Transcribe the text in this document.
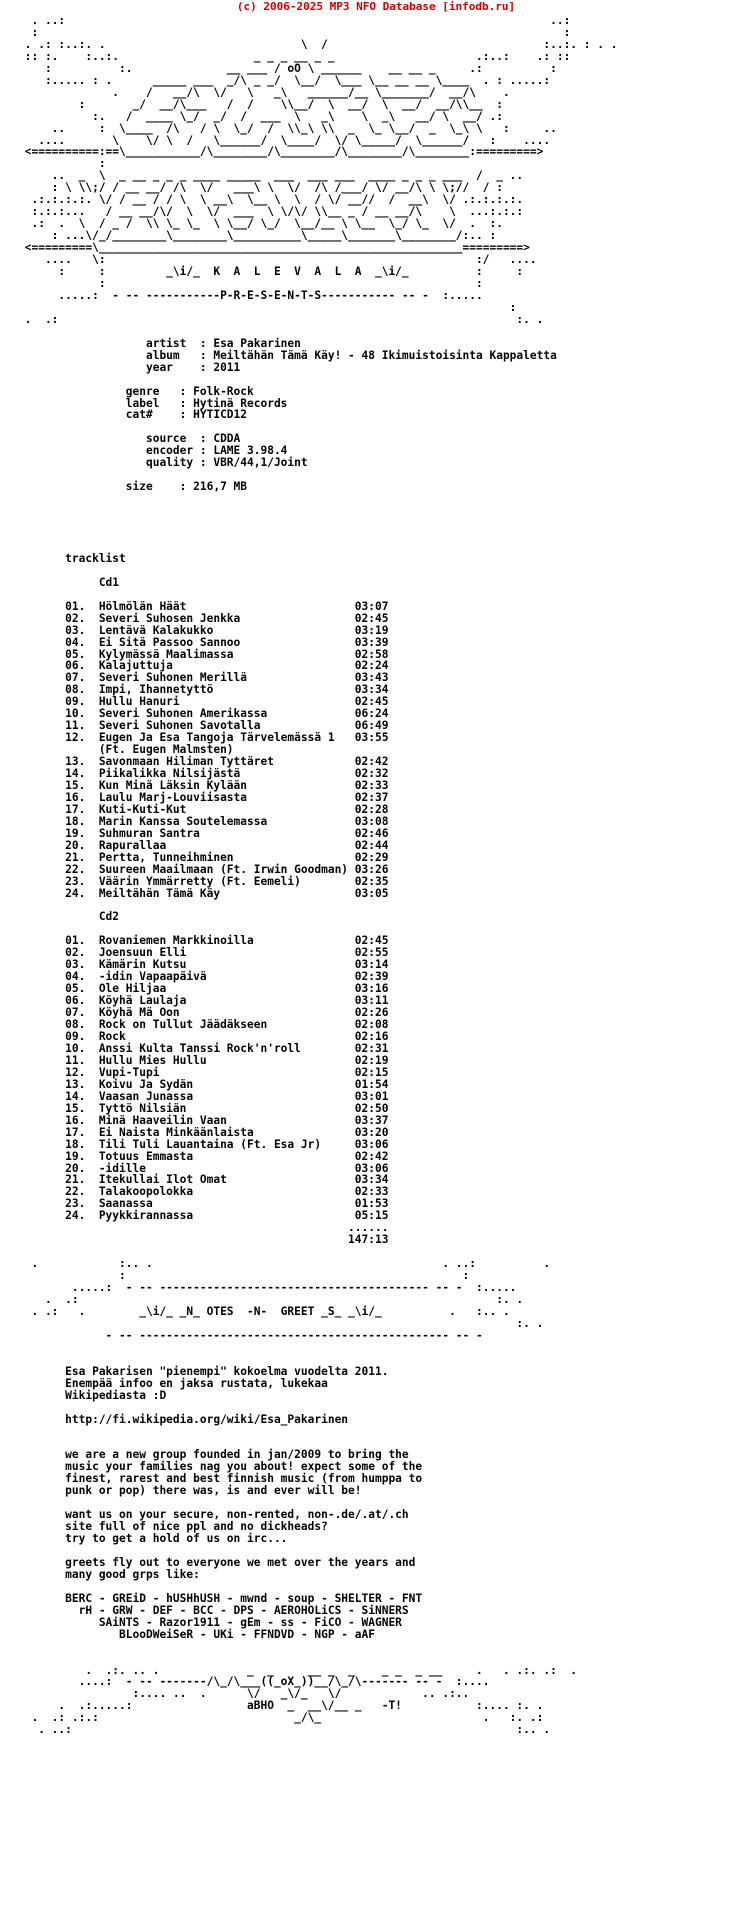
(c) 2006-2025 MP3 NFO Database [infodb.ru]
. ..:                                                                        ..:
:                                                                              :
. .: :..:. .                             \  /                                :..:. : . .
:: :.    :..:.                    _ _ _ __ _ _                     .:..:    .: ::
:          :.              __ ___ / oO \ ______    __ __ _     .:          :
:..... : .      _____ ___  _/\ _ _/  \__/  \___ \__ __ __ \____  . : .....:
.    /   __/\  \/   \   _\   ______/__ \_______/  __/\    .
:       _/  __/\___   /  /    \\__/  \  __/  \  __/  __/\\__  :
:.   /  ____ \_/  _/  /  ___  \   _\    \  _\   __/ \  __/ .:
..     :  \____  /\   / \  \_/  /  \\_\ \\  _  \_ \__/  _  \_\ \   :     ..
....       \    \/ \  /   \______/  \____/  \/ \_____/  \______/   :    ....
<==========:==\___________/\________/\________/\________/\________:=========>
:
..  _  \  _ __ _ _ _ ____ _____  ___  ___ ___  ____ _ _ _ ___  /  _ ..
: \ \\;/ / __ __/ /\  \/   ___\ \  \/  /\ /___/ \/ __/\ \ \;//  / :
.:.:.:.:. \/ / __ / / \  \ __\  \__ \  \  / \/ __//  /  __\  \/ .:.:.:.:.
:.:.:...   / __ __/\/  \  \/  ___  \ \/\/ \\__ _ / __ __/\    \  ...:.:.:
.:  .  \  / _ /  \\ \_ \_  \ \__/ \_/  \__/__ \ \__  \_/ \_  \/  .  :.
: ...\/_/________\________\__________\_____\_______\________/:.. :
<=========\______________________________________________________=========>
....   \:                                                       :/   ....
:     :         _\i/_  K  A  L  E  V  A  L  A  _\i/_          :     :
:                                                       :
.....:  - -- -----------P-R-E-S-E-N-T-S----------- -- -  :.....
:
.  .:                                                                    :. .

artist  : Esa Pakarinen
album   : Meiltähän Tämä Käy! - 48 Ikimuistoisinta Kappaletta
year    : 2011

genre   : Folk-Rock
label   : Hytinä Records
cat#    : HYTICD12

source  : CDDA
encoder : LAME 3.98.4
quality : VBR/44,1/Joint

size    : 216,7 MB

tracklist

Cd1

01.  Hölmölän Häät                         03:07
02.  Severi Suhosen Jenkka                 02:45
03.  Lentävä Kalakukko                     03:19
04.  Ei Sitä Passoo Sannoo                 03:39
05.  Kylymässä Maalimassa                  02:58
06.  Kalajuttuja                           02:24
07.  Severi Suhonen Merillä                03:43
08.  Impi, Ihannetyttö                     03:34
09.  Hullu Hanuri                          02:45
10.  Severi Suhonen Amerikassa             06:24
11.  Severi Suhonen Savotalla              06:49
12.  Eugen Ja Esa Tangoja Tärvelemässä 1   03:55
(Ft. Eugen Malmsten)
13.  Savonmaan Hiliman Tyttäret            02:42
14.  Piikalikka Nilsijästä                 02:32
15.  Kun Minä Läksin Kylään                02:33
16.  Laulu Marj-Louviisasta                02:37
17.  Kuti-Kuti-Kut                         02:28
18.  Marin Kanssa Soutelemassa             03:08
19.  Suhmuran Santra                       02:46
20.  Rapurallaa                            02:44
21.  Pertta, Tunneihminen                  02:29
22.  Suureen Maailmaan (Ft. Irwin Goodman) 03:26
23.  Väärin Ymmärretty (Ft. Eemeli)        02:35
24.  Meiltähän Tämä Käy                    03:05

Cd2

01.  Rovaniemen Markkinoilla               02:45
02.  Joensuun Elli                         02:55
03.  Kämärin Kutsu                         03:14
04.  -idin Vapaapäivä                      02:39
05.  Ole Hiljaa                            03:16
06.  Köyhä Laulaja                         03:11
07.  Köyhä Mä Oon                          02:26
08.  Rock on Tullut Jäädäkseen             02:08
09.  Rock                                  02:16
10.  Anssi Kulta Tanssi Rock'n'roll        02:31
11.  Hullu Mies Hullu                      02:19
12.  Vupi-Tupi                             02:15
13.  Koivu Ja Sydän                        01:54
14.  Vaasan Junassa                        03:01
15.  Tyttö Nilsiän                         02:50
16.  Minä Haaveilin Vaan                   03:37
17.  Ei Naista Minkäänlaista               03:20
18.  Tili Tuli Lauantaina (Ft. Esa Jr)     03:06
19.  Totuus Emmasta                        02:42
20.  -idille                               03:06
21.  Itekullai Ilot Omat                   03:34
22.  Talakoopolokka                        02:33
23.  Saanassa                              01:53
24.  Pyykkirannassa                        05:15
......
147:13

.            :.. .                                           . ..:          .
:                                                  :
.....:  - -- ---------------------------------------- -- -  :.....
.  .:                                                              :. .
. .:   .        _\i/_ _N_ OTES  -N-  GREET _S_ _\i/_          .   :.. .
:. .
- -- ---------------------------------------------- -- -

Esa Pakarisen "pienempi" kokoelma vuodelta 2011.
Enempää infoo en jaksa rustata, lukekaa
Wikipediasta :D

http://fi.wikipedia.org/wiki/Esa_Pakarinen

we are a new group founded in jan/2009 to bring the
music your families nag you about! expect some of the
finest, rarest and best finnish music (from humppa to
punk or pop) there was, is and ever will be!

want us on your secure, non-rented, non-.de/.at/.ch
site full of nice ppl and no dickheads?
try to get a hold of us on irc...

greets fly out to everyone we met over the years and
many good grps like:

BERC - GREiD - hUSHhUSH - mwnd - soup - SHELTER - FNT
rH - GRW - DEF - BCC - DPS - AEROHOLiCS - SiNNERS
SAiNTS - Razor1911 - gEm - ss - FiCO - WAGNER
BLooDWeiSeR - UKi - FFNDVD - NGP - aAF

.  .:. .. .             _  _     __ _  _    _ _  _ __     .   . .:. .:  .
....:  - -- -------/\_/\___((_oX_))__/\_/\------- -- -  :....
:.... ..  .      \/   _\/_   \/            .. .:..
.  .:.....:                 aBHO  _  __\/__ _   -T!           :.... :. .
.  .: .:.:                             _/\_                        .   :. .:
. ..:                                                                  :.. .
